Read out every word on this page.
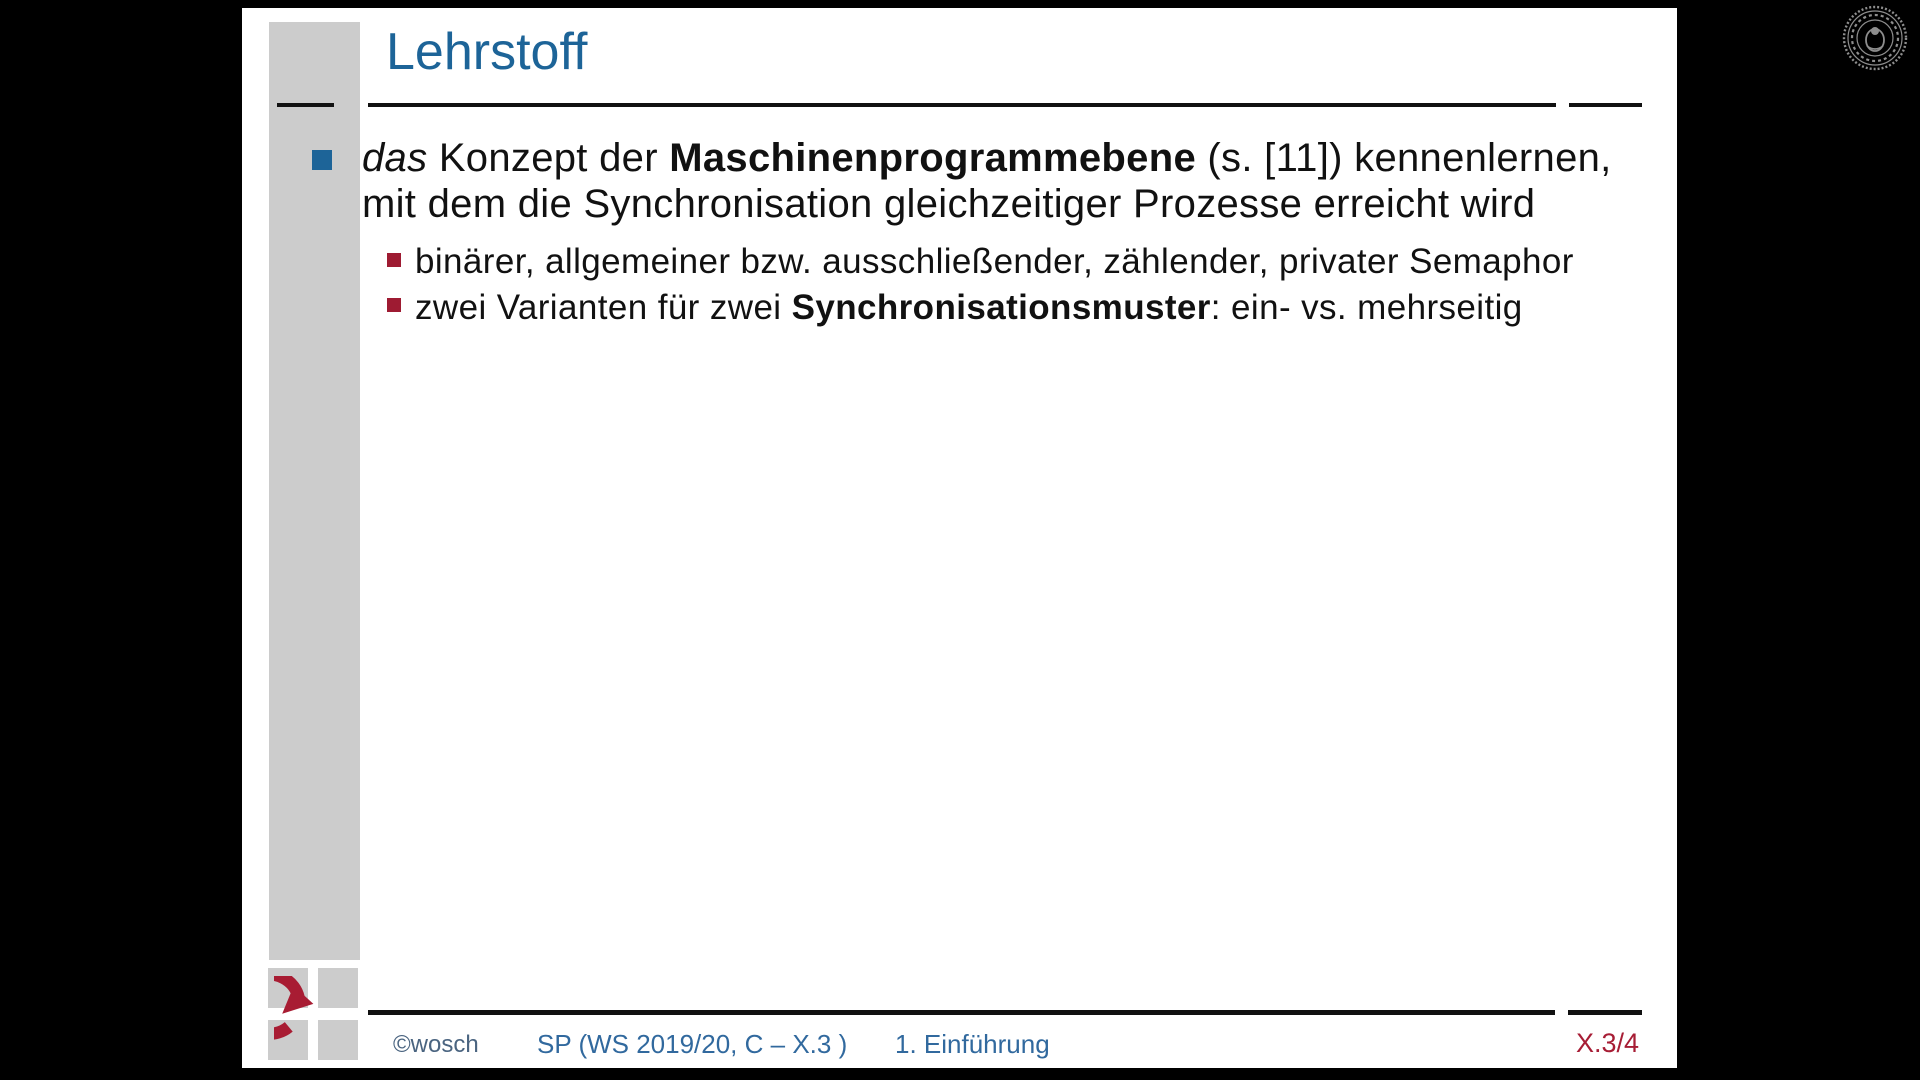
Lehrstoff
das Konzept der Maschinenprogrammebene (s. [11]) kennenlernen,
mit dem die Synchronisation gleichzeitiger Prozesse erreicht wird
binärer, allgemeiner bzw. ausschließender, zählender, privater Semaphor
zwei Varianten für zwei Synchronisationsmuster: ein- vs. mehrseitig
©wosch SP (WS 2019/20, C – X.3 ) 1. Einführung	X.3/4
